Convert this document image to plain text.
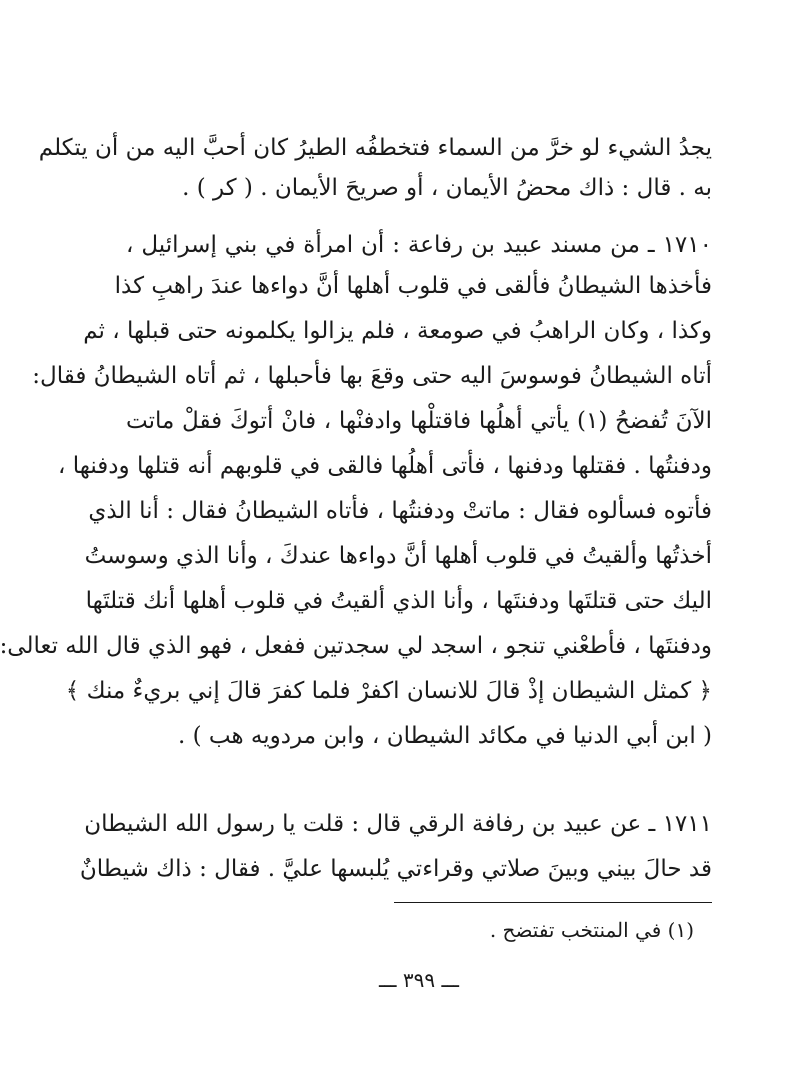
يجدُ الشيء لو خرَّ من السماء فتخطفُه الطيرُ كان أحبَّ اليه من أن يتكلم
به . قال : ذاك محضُ الأيمان ، أو صريحَ الأيمان . ( كر ) .
١٧١٠ ـ من مسند عبيد بن رفاعة : أن امرأة في بني إسرائيل ،
فأخذها الشيطانُ فألقى في قلوب أهلها أنَّ دواءها عندَ راهبِ كذا
وكذا ، وكان الراهبُ في صومعة ، فلم يزالوا يكلمونه حتى قبلها ، ثم
أتاه الشيطانُ فوسوسَ اليه حتى وقعَ بها فأحبلها ، ثم أتاه الشيطانُ فقال:
الآنَ تُفضحُ (١) يأتي أهلُها فاقتلْها وادفنْها ، فانْ أتوكَ فقلْ ماتت
ودفنتُها . فقتلها ودفنها ، فأتى أهلُها فالقى في قلوبهم أنه قتلها ودفنها ،
فأتوه فسألوه فقال : ماتتْ ودفنتُها ، فأتاه الشيطانُ فقال : أنا الذي
أخذتُها وألقيتُ في قلوب أهلها أنَّ دواءها عندكَ ، وأنا الذي وسوستُ
اليك حتى قتلتَها ودفنتَها ، وأنا الذي ألقيتُ في قلوب أهلها أنك قتلتَها
ودفنتَها ، فأطعْني تنجو ، اسجد لي سجدتين ففعل ، فهو الذي قال الله تعالى:
﴿ كمثل الشيطان إذْ قالَ للانسان اكفرْ فلما كفرَ قالَ إني بريءٌ منك ﴾
( ابن أبي الدنيا في مكائد الشيطان ، وابن مردويه هب ) .
١٧١١ ـ عن عبيد بن رفافة الرقي قال : قلت يا رسول الله الشيطان
قد حالَ بيني وبينَ صلاتي وقراءتي يُلبسها عليَّ . فقال : ذاك شيطانٌ
(١) في المنتخب تفتضح .
ـــ ٣٩٩ ـــ
